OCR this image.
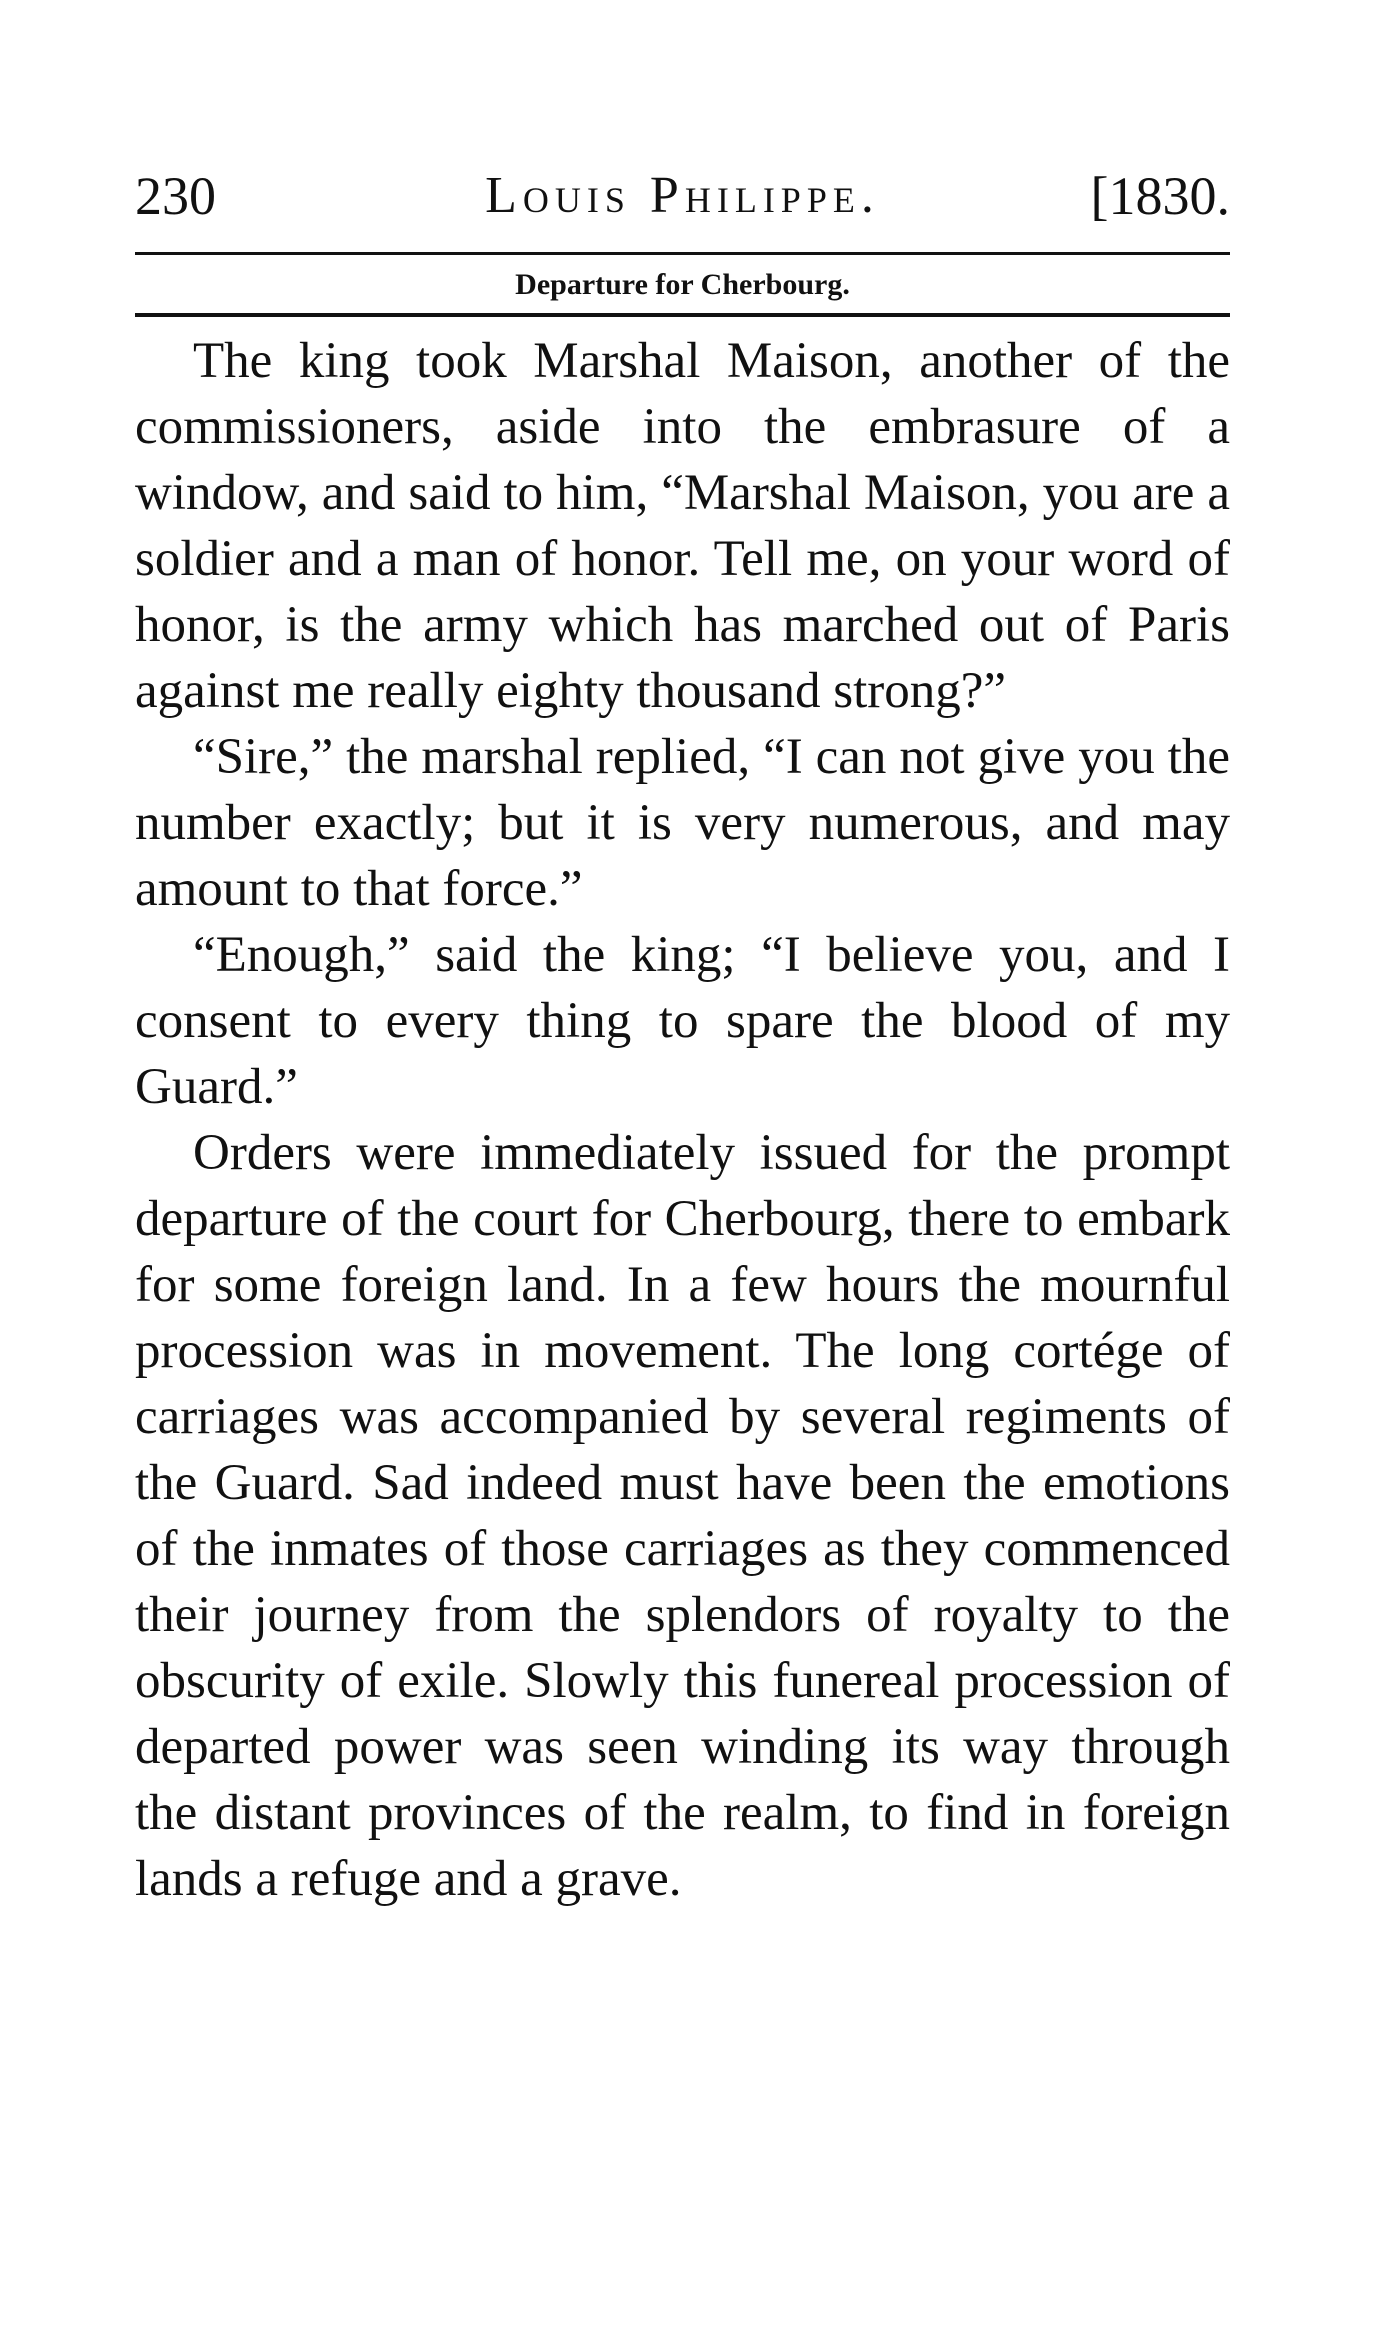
230	Louis Philippe.	[1830.
Departure for Cherbourg.

The king took Marshal Maison, another of the commissioners, aside into the embrasure of a window, and said to him, “Marshal Maison, you are a soldier and a man of honor. Tell me, on your word of honor, is the army which has marched out of Paris against me really eighty thousand strong?”

“Sire,” the marshal replied, “I can not give you the number exactly; but it is very numerous, and may amount to that force.”

“Enough,” said the king; “I believe you, and I consent to every thing to spare the blood of my Guard.”

Orders were immediately issued for the prompt departure of the court for Cherbourg, there to embark for some foreign land. In a few hours the mournful procession was in movement. The long cortége of carriages was accompanied by several regiments of the Guard. Sad indeed must have been the emotions of the inmates of those carriages as they commenced their journey from the splendors of royalty to the obscurity of exile. Slowly this funereal procession of departed power was seen winding its way through the distant provinces of the realm, to find in foreign lands a refuge and a grave.
